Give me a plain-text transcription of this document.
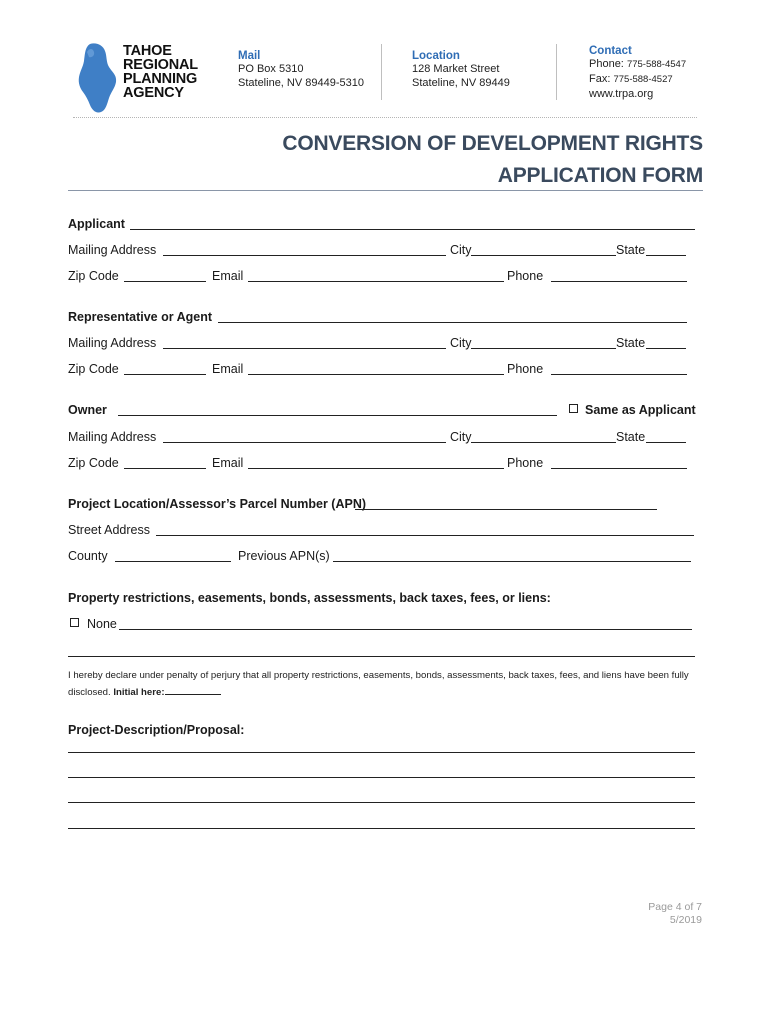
TAHOE
REGIONAL
PLANNING
AGENCY
Mail
PO Box 5310
Stateline, NV 89449-5310
Location
128 Market Street
Stateline, NV 89449
Contact
Phone: 775-588-4547
Fax: 775-588-4527
www.trpa.org
CONVERSION OF DEVELOPMENT RIGHTS
APPLICATION FORM
Applicant
Mailing Address	City	State
Zip Code	Email	Phone
Representative or Agent
Mailing Address	City	State
Zip Code	Email	Phone
Owner	Same as Applicant
Mailing Address	City	State
Zip Code	Email	Phone
Project Location/Assessor’s Parcel Number (APN)
Street Address
County	Previous APN(s)
Property restrictions, easements, bonds, assessments, back taxes, fees, or liens:
None
I hereby declare under penalty of perjury that all property restrictions, easements, bonds, assessments, back taxes, fees, and liens have been fully disclosed. Initial here:
Project-Description/Proposal:
Page 4 of 7
5/2019
